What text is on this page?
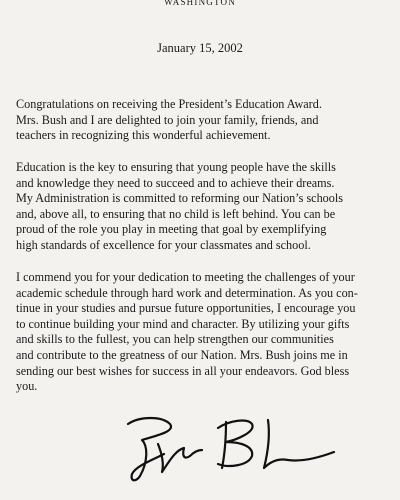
WASHINGTON
January 15, 2002
Congratulations on receiving the President’s Education Award.
Mrs. Bush and I are delighted to join your family, friends, and
teachers in recognizing this wonderful achievement.
Education is the key to ensuring that young people have the skills
and knowledge they need to succeed and to achieve their dreams.
My Administration is committed to reforming our Nation’s schools
and, above all, to ensuring that no child is left behind. You can be
proud of the role you play in meeting that goal by exemplifying
high standards of excellence for your classmates and school.
I commend you for your dedication to meeting the challenges of your
academic schedule through hard work and determination. As you con-
tinue in your studies and pursue future opportunities, I encourage you
to continue building your mind and character. By utilizing your gifts
and skills to the fullest, you can help strengthen our communities
and contribute to the greatness of our Nation. Mrs. Bush joins me in
sending our best wishes for success in all your endeavors. God bless
you.
